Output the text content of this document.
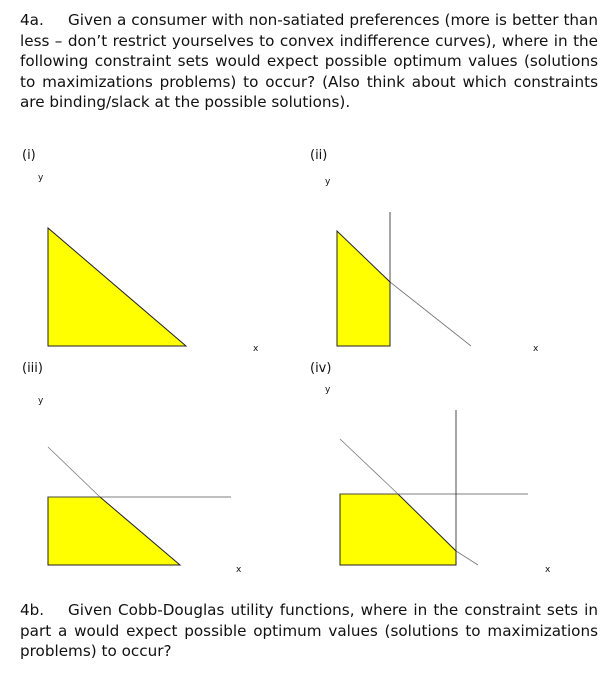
4a. Given a consumer with non-satiated preferences (more is better than less – don’t restrict yourselves to convex indifference curves), where in the following constraint sets would expect possible optimum values (solutions to maximizations problems) to occur? (Also think about which constraints are binding/slack at the possible solutions).
(i)	(ii)
(iii)	(iv)
y
x
y
x
y
x
y
x
4b. Given Cobb-Douglas utility functions, where in the constraint sets in part a would expect possible optimum values (solutions to maximizations problems) to occur?
